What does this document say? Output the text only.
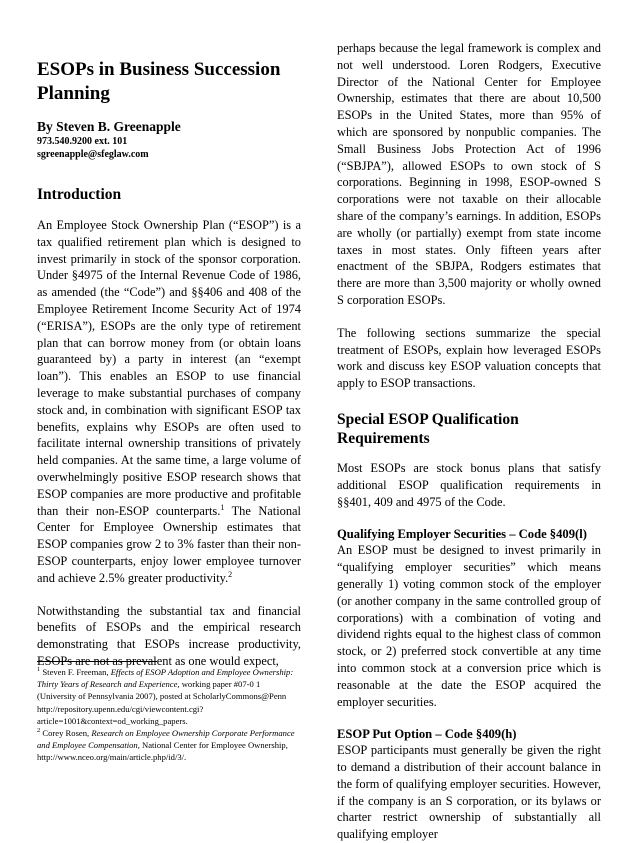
ESOPs in Business Succession Planning

By Steven B. Greenapple

973.540.9200 ext. 101

sgreenapple@sfeglaw.com

Introduction

An Employee Stock Ownership Plan (“ESOP”) is a tax qualified retirement plan which is designed to invest primarily in stock of the sponsor corporation. Under §4975 of the Internal Revenue Code of 1986, as amended (the “Code”) and §§406 and 408 of the Employee Retirement Income Security Act of 1974 (“ERISA”), ESOPs are the only type of retirement plan that can borrow money from (or obtain loans guaranteed by) a party in interest (an “exempt loan”). This enables an ESOP to use financial leverage to make substantial purchases of company stock and, in combination with significant ESOP tax benefits, explains why ESOPs are often used to facilitate internal ownership transitions of privately held companies. At the same time, a large volume of overwhelmingly positive ESOP research shows that ESOP companies are more productive and profitable than their non-ESOP counterparts.$^1$ The National Center for Employee Ownership estimates that ESOP companies grow 2 to 3% faster than their non-ESOP counterparts, enjoy lower employee turnover and achieve 2.5% greater productivity.$^2$

Notwithstanding the substantial tax and financial benefits of ESOPs and the empirical research demonstrating that ESOPs increase productivity, ESOPs are not as prevalent as one would expect,

$^1$ Steven F. Freeman, Effects of ESOP Adoption and Employee Ownership: Thirty Years of Research and Experience, working paper #07-0 1 (University of Pennsylvania 2007), posted at ScholarlyCommons@Penn http://repository.upenn.edu/cgi/viewcontent.cgi?article=1001&context=od_working_papers.

$^2$ Corey Rosen, Research on Employee Ownership Corporate Performance and Employee Compensation, National Center for Employee Ownership, http://www.nceo.org/main/article.php/id/3/.

perhaps because the legal framework is complex and not well understood. Loren Rodgers, Executive Director of the National Center for Employee Ownership, estimates that there are about 10,500 ESOPs in the United States, more than 95% of which are sponsored by nonpublic companies. The Small Business Jobs Protection Act of 1996 (“SBJPA”), allowed ESOPs to own stock of S corporations. Beginning in 1998, ESOP-owned S corporations were not taxable on their allocable share of the company’s earnings. In addition, ESOPs are wholly (or partially) exempt from state income taxes in most states. Only fifteen years after enactment of the SBJPA, Rodgers estimates that there are more than 3,500 majority or wholly owned S corporation ESOPs.

The following sections summarize the special treatment of ESOPs, explain how leveraged ESOPs work and discuss key ESOP valuation concepts that apply to ESOP transactions.

Special ESOP Qualification Requirements

Most ESOPs are stock bonus plans that satisfy additional ESOP qualification requirements in §§401, 409 and 4975 of the Code.

Qualifying Employer Securities – Code §409(l)

An ESOP must be designed to invest primarily in “qualifying employer securities” which means generally 1) voting common stock of the employer (or another company in the same controlled group of corporations) with a combination of voting and dividend rights equal to the highest class of common stock, or 2) preferred stock convertible at any time into common stock at a conversion price which is reasonable at the date the ESOP acquired the employer securities.

ESOP Put Option – Code §409(h)

ESOP participants must generally be given the right to demand a distribution of their account balance in the form of qualifying employer securities. However, if the company is an S corporation, or its bylaws or charter restrict ownership of substantially all qualifying employer
